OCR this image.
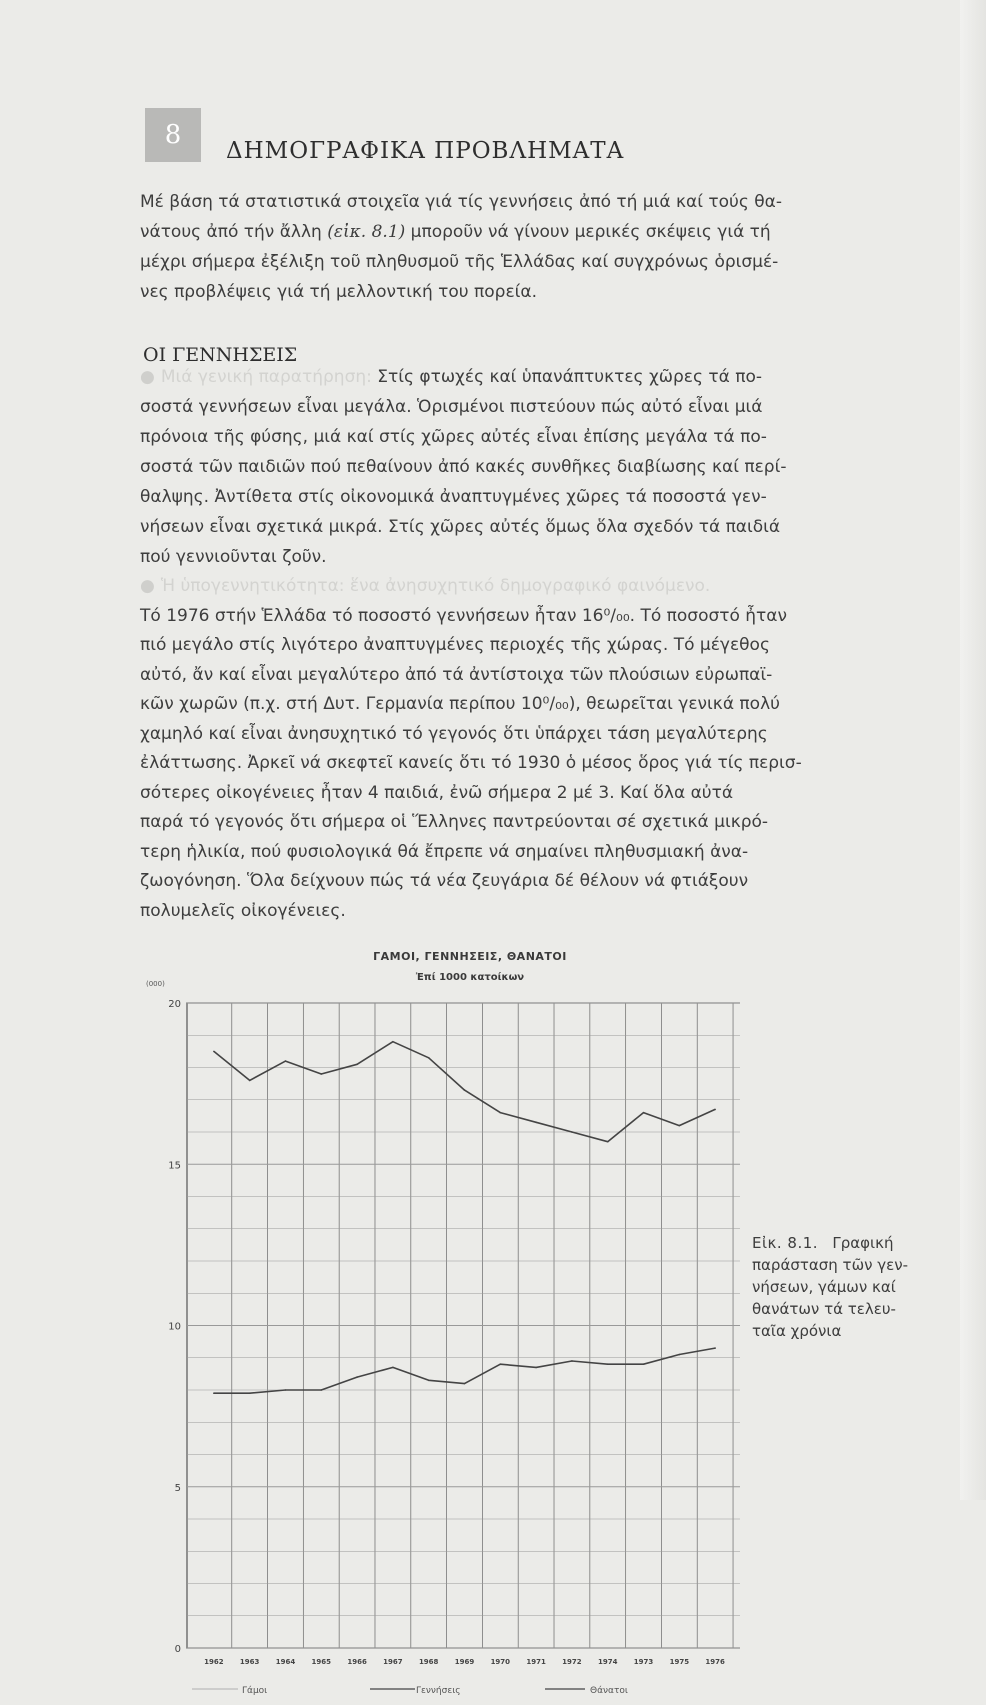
8
ΔΗΜΟΓΡΑΦΙΚΑ ΠΡΟΒΛΗΜΑΤΑ

Μέ βάση τά στατιστικά στοιχεῖα γιά τίς γεννήσεις ἀπό τή μιά καί τούς θα-
νάτους ἀπό τήν ἄλλη (εἰκ. 8.1) μποροῦν νά γίνουν μερικές σκέψεις γιά τή
μέχρι σήμερα ἐξέλιξη τοῦ πληθυσμοῦ τῆς Ἑλλάδας καί συγχρόνως ὁρισμέ-
νες προβλέψεις γιά τή μελλοντική του πορεία.

ΟΙ ΓΕΝΝΗΣΕΙΣ

● Μιά γενική παρατήρηση: Στίς φτωχές καί ὑπανάπτυκτες χῶρες τά πο-
σοστά γεννήσεων εἶναι μεγάλα. Ὁρισμένοι πιστεύουν πώς αὐτό εἶναι μιά
πρόνοια τῆς φύσης, μιά καί στίς χῶρες αὐτές εἶναι ἐπίσης μεγάλα τά πο-
σοστά τῶν παιδιῶν πού πεθαίνουν ἀπό κακές συνθῆκες διαβίωσης καί περί-
θαλψης. Ἀντίθετα στίς οἰκονομικά ἀναπτυγμένες χῶρες τά ποσοστά γεν-
νήσεων εἶναι σχετικά μικρά. Στίς χῶρες αὐτές ὅμως ὅλα σχεδόν τά παιδιά
πού γεννιοῦνται ζοῦν.

● Ἡ ὑπογεννητικότητα: ἕνα ἀνησυχητικό δημογραφικό φαινόμενο.
Τό 1976 στήν Ἑλλάδα τό ποσοστό γεννήσεων ἦταν 16⁰/₀₀. Τό ποσοστό ἦταν
πιό μεγάλο στίς λιγότερο ἀναπτυγμένες περιοχές τῆς χώρας. Τό μέγεθος
αὐτό, ἄν καί εἶναι μεγαλύτερο ἀπό τά ἀντίστοιχα τῶν πλούσιων εὐρωπαϊ-
κῶν χωρῶν (π.χ. στή Δυτ. Γερμανία περίπου 10⁰/₀₀), θεωρεῖται γενικά πολύ
χαμηλό καί εἶναι ἀνησυχητικό τό γεγονός ὅτι ὑπάρχει τάση μεγαλύτερης
ἐλάττωσης. Ἀρκεῖ νά σκεφτεῖ κανείς ὅτι τό 1930 ὁ μέσος ὅρος γιά τίς περισ-
σότερες οἰκογένειες ἦταν 4 παιδιά, ἐνῶ σήμερα 2 μέ 3. Καί ὅλα αὐτά
παρά τό γεγονός ὅτι σήμερα οἱ Ἕλληνες παντρεύονται σέ σχετικά μικρό-
τερη ἡλικία, πού φυσιολογικά θά ἔπρεπε νά σημαίνει πληθυσμιακή ἀνα-
ζωογόνηση. Ὅλα δείχνουν πώς τά νέα ζευγάρια δέ θέλουν νά φτιάξουν
πολυμελεῖς οἰκογένειες.

ΓΑΜΟΙ, ΓΕΝΝΗΣΕΙΣ, ΘΑΝΑΤΟΙ
Ἐπί 1000 κατοίκων
(000)
0
5
10
15
20
1962 1963 1964 1965 1966 1967 1968 1969 1970 1971 1972 1974 1973 1975 1976
Γάμοι	Γεννήσεις	Θάνατοι
Εἰκ. 8.1. Γραφική
παράσταση τῶν γεν-
νήσεων, γάμων καί
θανάτων τά τελευ-
ταῖα χρόνια
